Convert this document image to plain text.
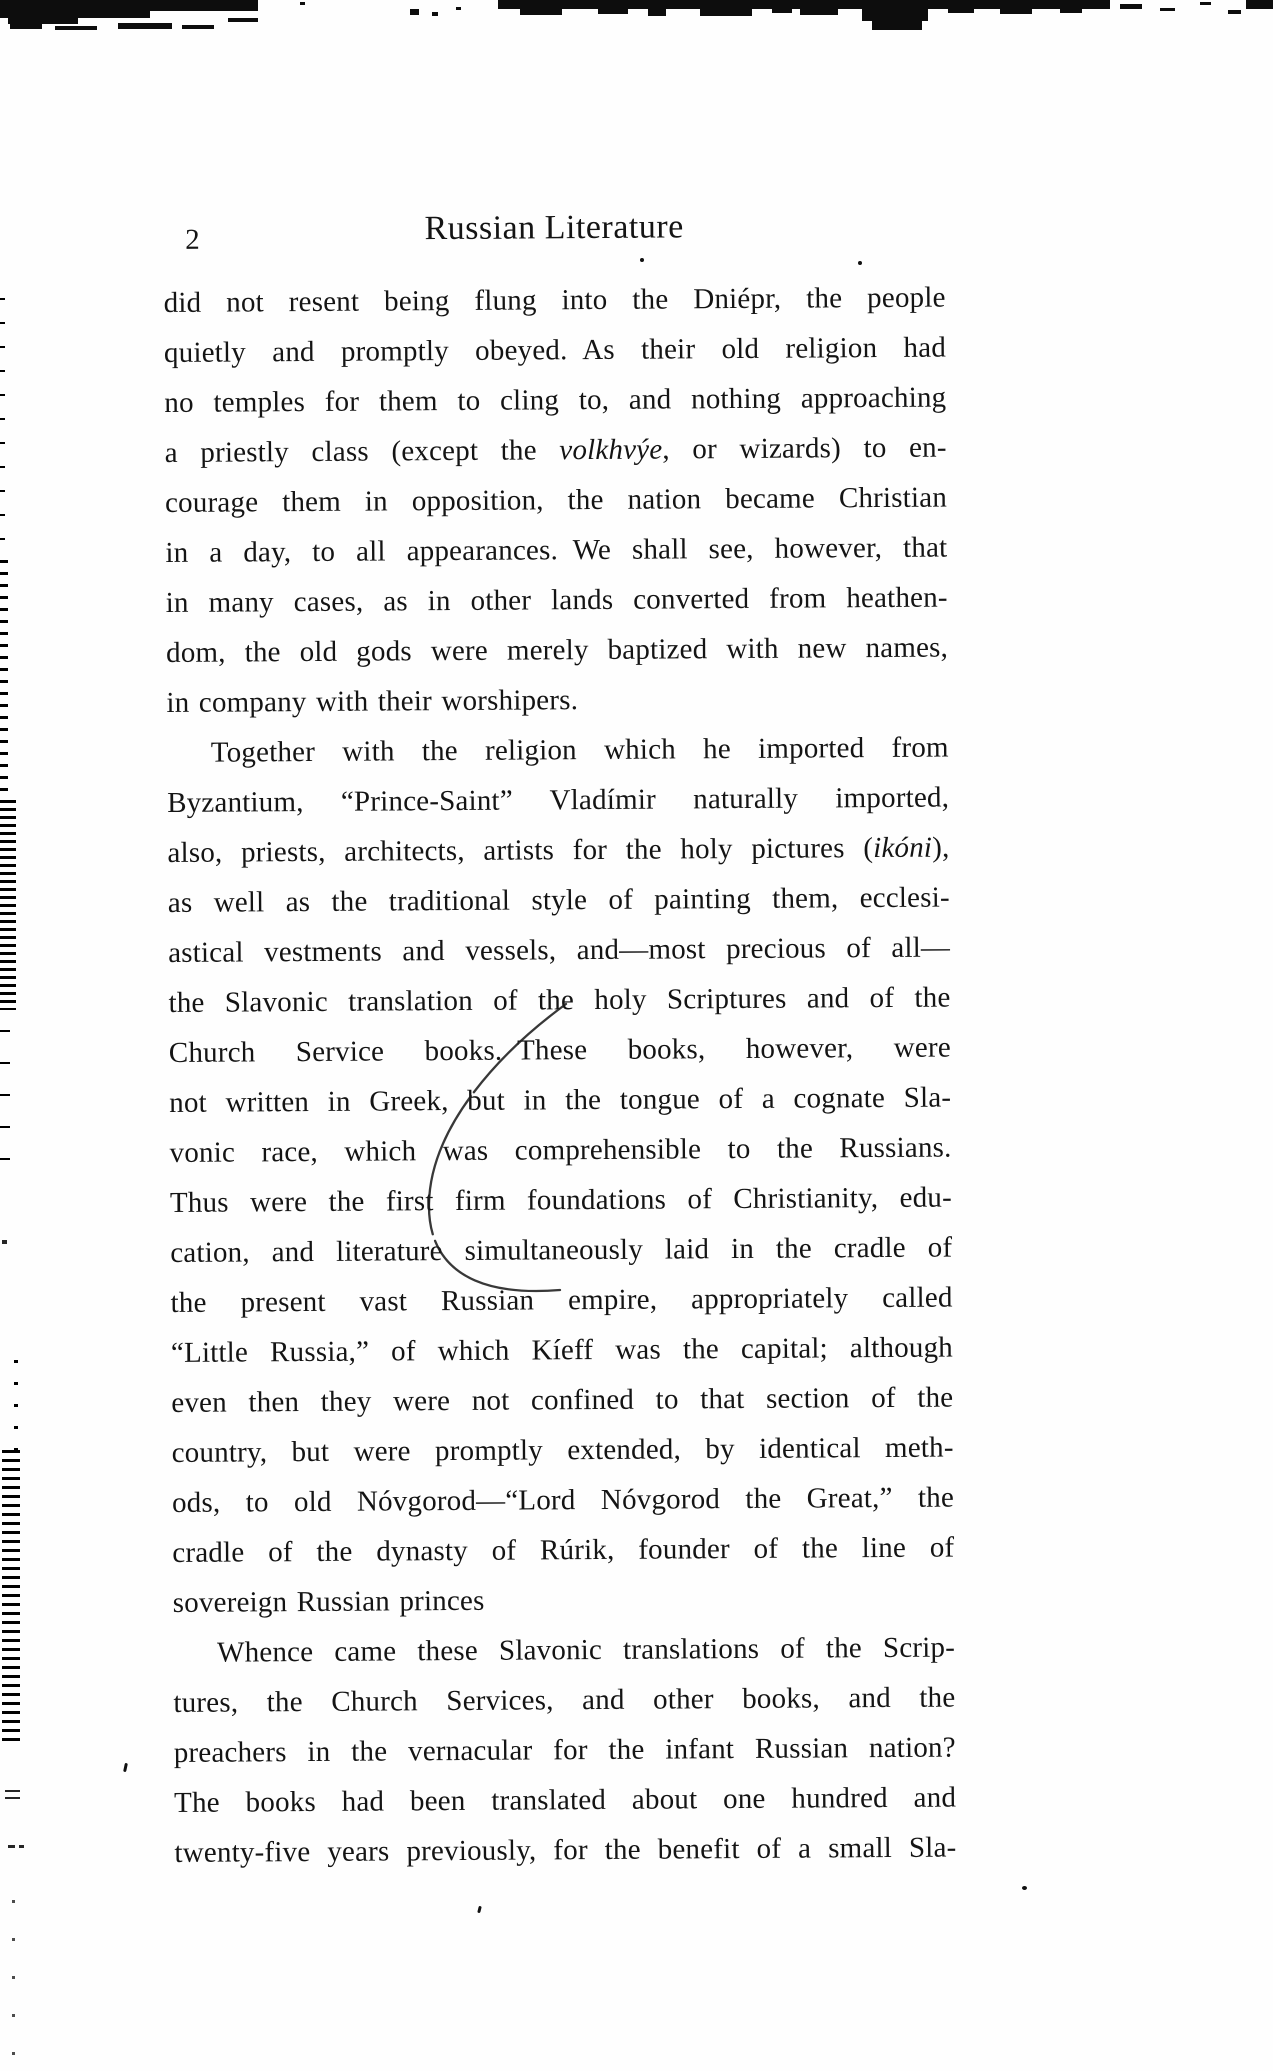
2	Russian Literature
did not resent being flung into the Dniépr, the people
quietly and promptly obeyed. As their old religion had
no temples for them to cling to, and nothing approaching
a priestly class (except the volkhvýe, or wizards) to en-
courage them in opposition, the nation became Christian
in a day, to all appearances. We shall see, however, that
in many cases, as in other lands converted from heathen-
dom, the old gods were merely baptized with new names,
in company with their worshipers.
Together with the religion which he imported from
Byzantium, “Prince-Saint” Vladímir naturally imported,
also, priests, architects, artists for the holy pictures (ikóni),
as well as the traditional style of painting them, ecclesi-
astical vestments and vessels, and—most precious of all—
the Slavonic translation of the holy Scriptures and of the
Church Service books. These books, however, were
not written in Greek, but in the tongue of a cognate Sla-
vonic race, which was comprehensible to the Russians.
Thus were the first firm foundations of Christianity, edu-
cation, and literature simultaneously laid in the cradle of
the present vast Russian empire, appropriately called
“Little Russia,” of which Kíeff was the capital; although
even then they were not confined to that section of the
country, but were promptly extended, by identical meth-
ods, to old Nóvgorod—“Lord Nóvgorod the Great,” the
cradle of the dynasty of Rúrik, founder of the line of
sovereign Russian princes
Whence came these Slavonic translations of the Scrip-
tures, the Church Services, and other books, and the
preachers in the vernacular for the infant Russian nation?
The books had been translated about one hundred and
twenty-five years previously, for the benefit of a small Sla-
